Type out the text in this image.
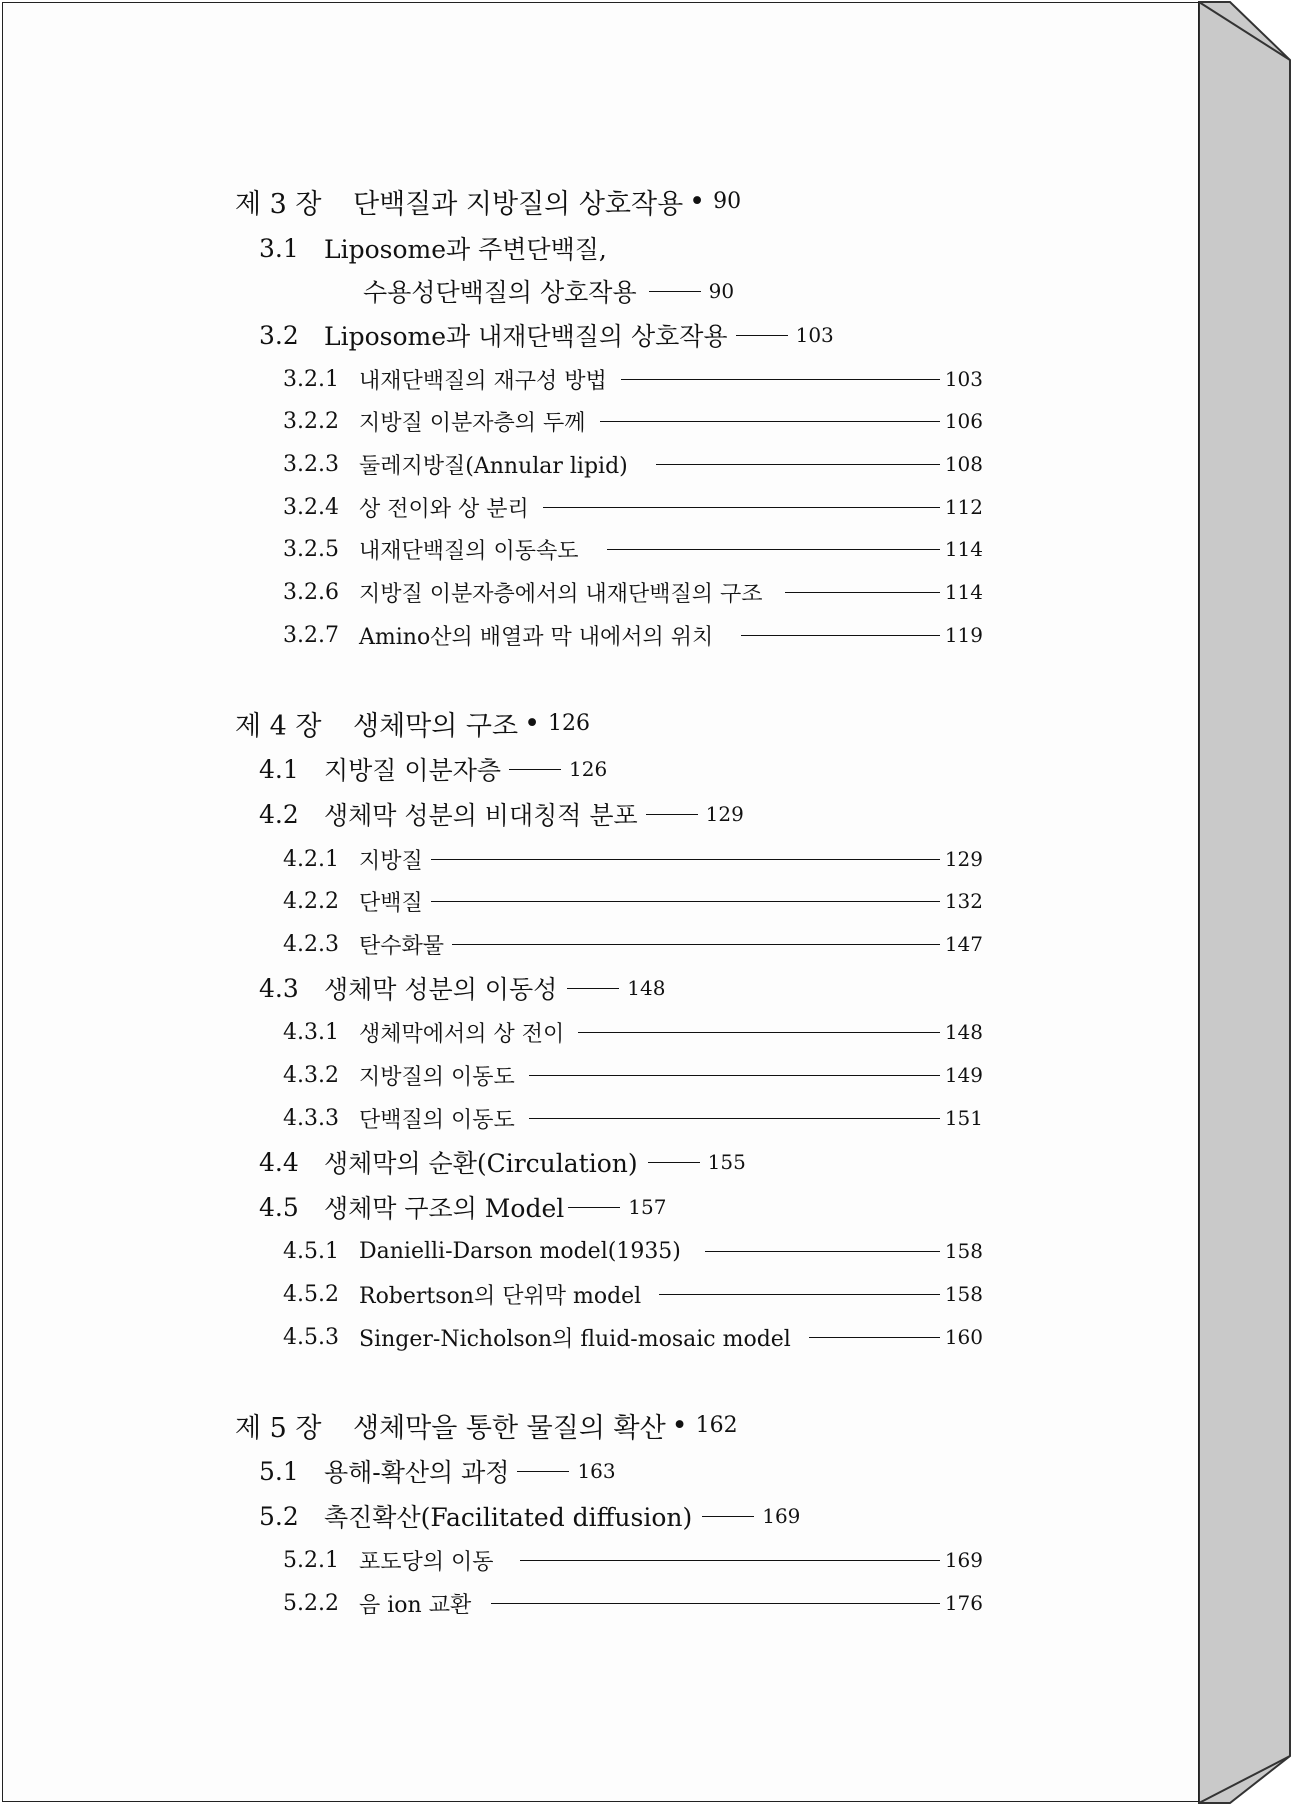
제 3 장	단백질과 지방질의 상호작용 • 90
3.1	Liposome과 주변단백질,
수용성단백질의 상호작용	90
3.2	Liposome과 내재단백질의 상호작용	103
3.2.1 내재단백질의 재구성 방법	103
3.2.2 지방질 이분자층의 두께	106
3.2.3 둘레지방질(Annular lipid)	108
3.2.4 상 전이와 상 분리	112
3.2.5 내재단백질의 이동속도	114
3.2.6 지방질 이분자층에서의 내재단백질의 구조	114
3.2.7 Amino산의 배열과 막 내에서의 위치	119
제 4 장	생체막의 구조 • 126
4.1	지방질 이분자층	126
4.2	생체막 성분의 비대칭적 분포	129
4.2.1 지방질	129
4.2.2 단백질	132
4.2.3 탄수화물	147
4.3	생체막 성분의 이동성	148
4.3.1 생체막에서의 상 전이	148
4.3.2 지방질의 이동도	149
4.3.3 단백질의 이동도	151
4.4	생체막의 순환(Circulation)	155
4.5	생체막 구조의 Model	157
4.5.1 Danielli-Darson model(1935)	158
4.5.2 Robertson의 단위막 model	158
4.5.3 Singer-Nicholson의 fluid-mosaic model	160
제 5 장	생체막을 통한 물질의 확산 • 162
5.1	용해-확산의 과정	163
5.2	촉진확산(Facilitated diffusion)	169
5.2.1 포도당의 이동	169
5.2.2 음 ion 교환	176
